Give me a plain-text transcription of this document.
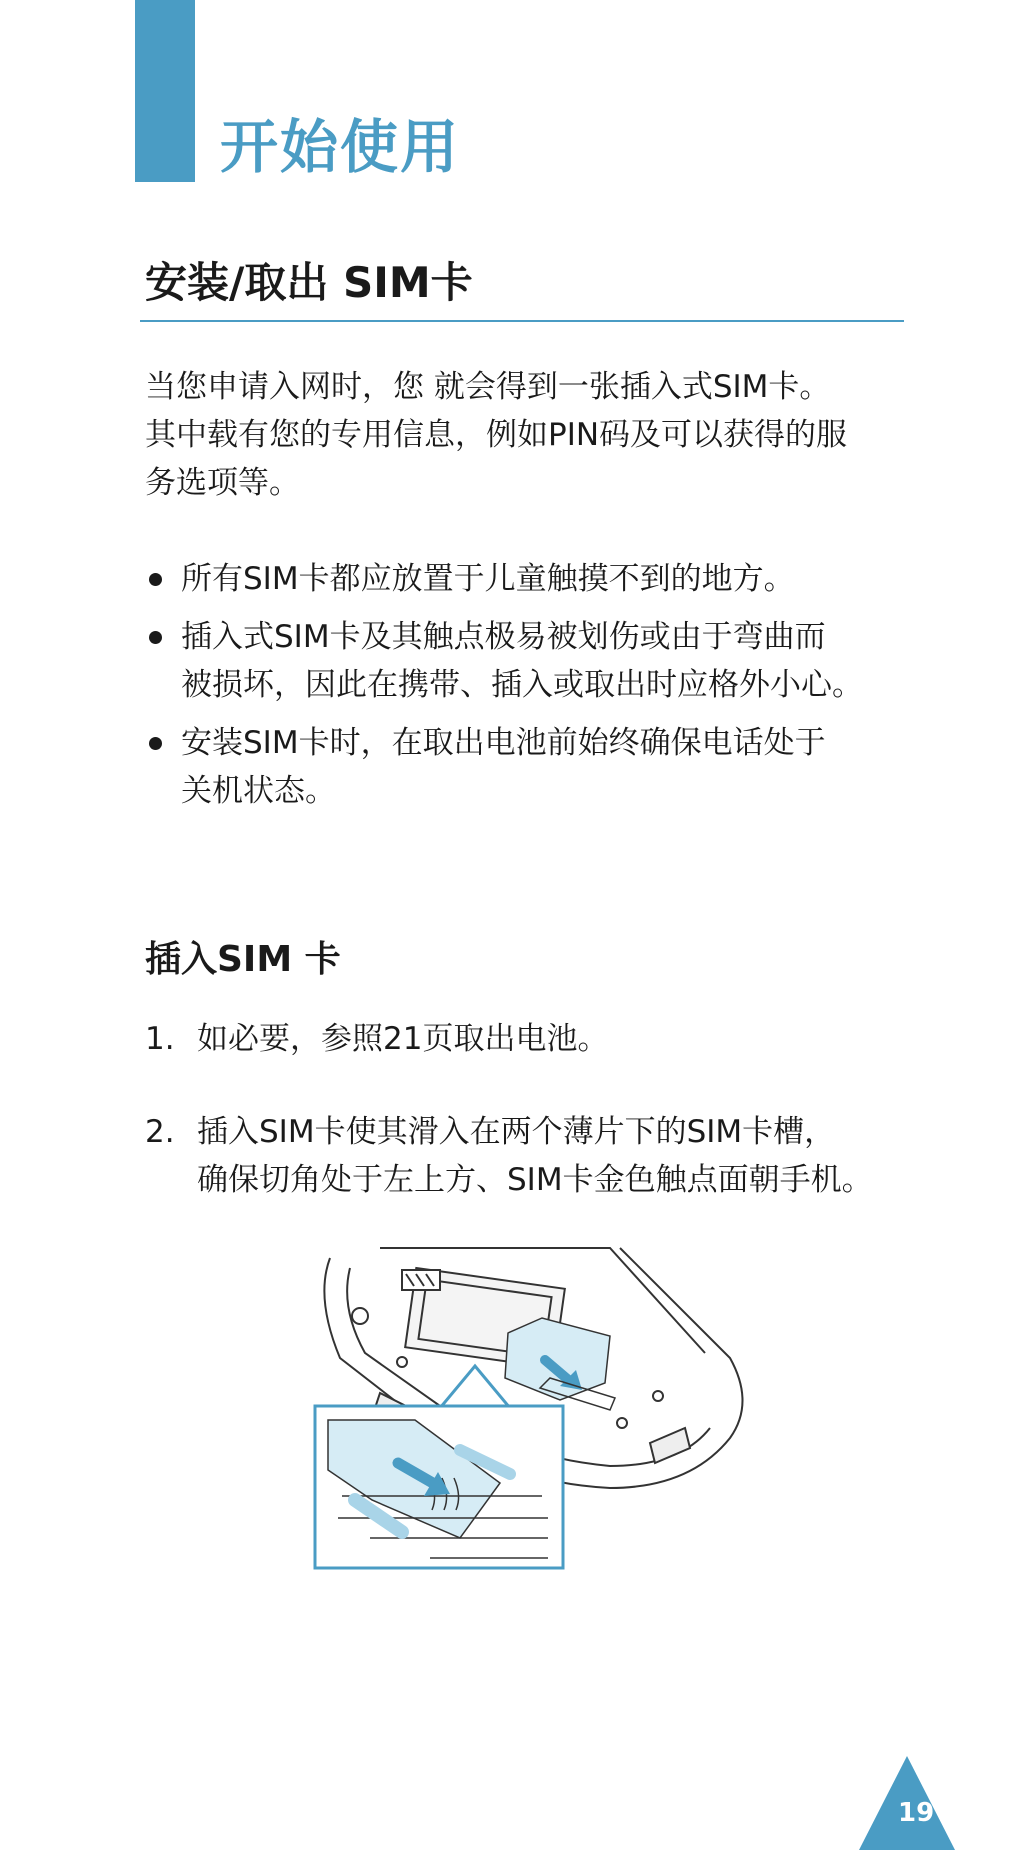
开始使用
安装/取出 SIM卡
当您申请入网时，您 就会得到一张插入式SIM卡。
其中载有您的专用信息，例如PIN码及可以获得的服
务选项等。
所有SIM卡都应放置于儿童触摸不到的地方。
插入式SIM卡及其触点极易被划伤或由于弯曲而
被损坏，因此在携带、插入或取出时应格外小心。
安装SIM卡时，在取出电池前始终确保电话处于
关机状态。
插入SIM 卡
1. 如必要，参照21页取出电池。
2. 插入SIM卡使其滑入在两个薄片下的SIM卡槽，
确保切角处于左上方、SIM卡金色触点面朝手机。
19
